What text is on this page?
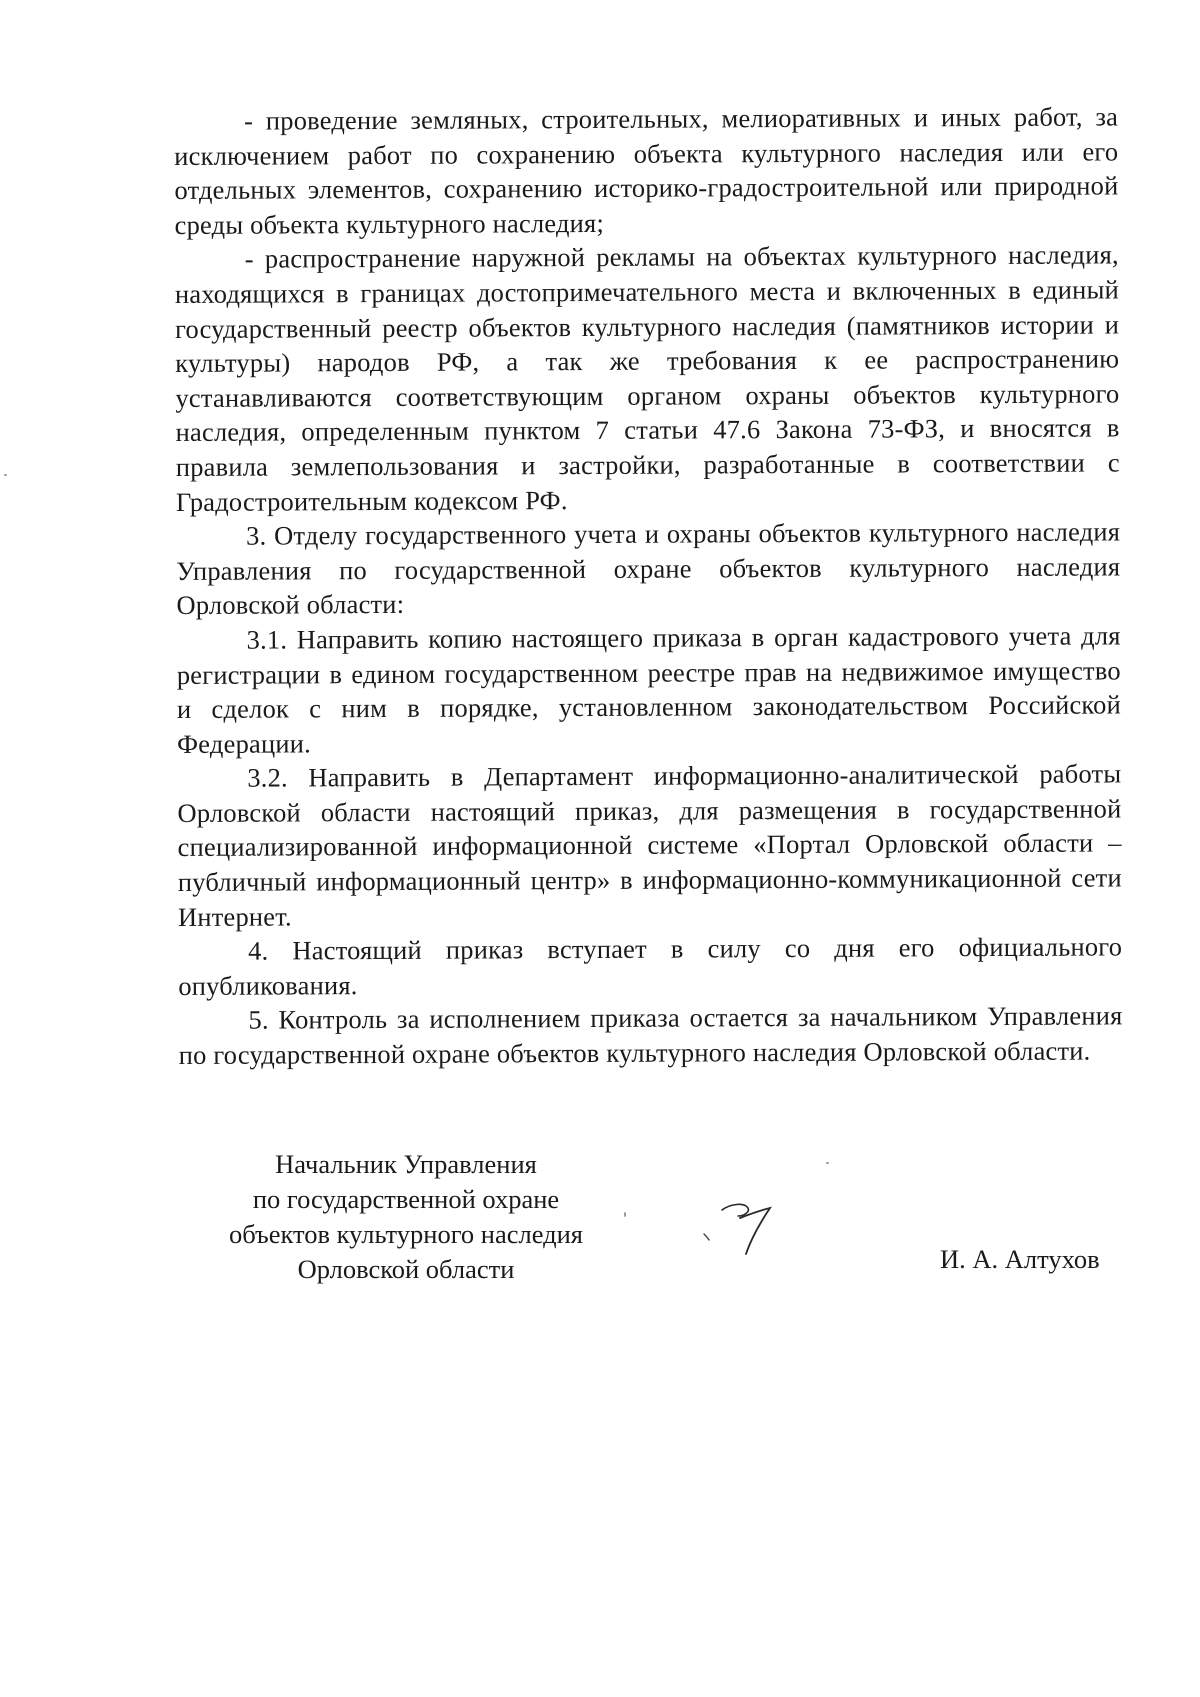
- проведение земляных, строительных, мелиоративных и иных работ, за исключением работ по сохранению объекта культурного наследия или его отдельных элементов, сохранению историко-градостроительной или природной среды объекта культурного наследия;

- распространение наружной рекламы на объектах культурного наследия, находящихся в границах достопримечательного места и включенных в единый государственный реестр объектов культурного наследия (памятников истории и культуры) народов РФ, а так же требования к ее распространению устанавливаются соответствующим органом охраны объектов культурного наследия, определенным пунктом 7 статьи 47.6 Закона 73-ФЗ, и вносятся в правила землепользования и застройки, разработанные в соответствии с Градостроительным кодексом РФ.

3. Отделу государственного учета и охраны объектов культурного наследия Управления по государственной охране объектов культурного наследия Орловской области:

3.1. Направить копию настоящего приказа в орган кадастрового учета для регистрации в едином государственном реестре прав на недвижимое имущество и сделок с ним в порядке, установленном законодательством Российской Федерации.

3.2. Направить в Департамент информационно-аналитической работы Орловской области настоящий приказ, для размещения в государственной специализированной информационной системе «Портал Орловской области – публичный информационный центр» в информационно-коммуникационной сети Интернет.

4. Настоящий приказ вступает в силу со дня его официального опубликования.

5. Контроль за исполнением приказа остается за начальником Управления по государственной охране объектов культурного наследия Орловской области.

Начальник Управления
по государственной охране
объектов культурного наследия
Орловской области	И. А. Алтухов
